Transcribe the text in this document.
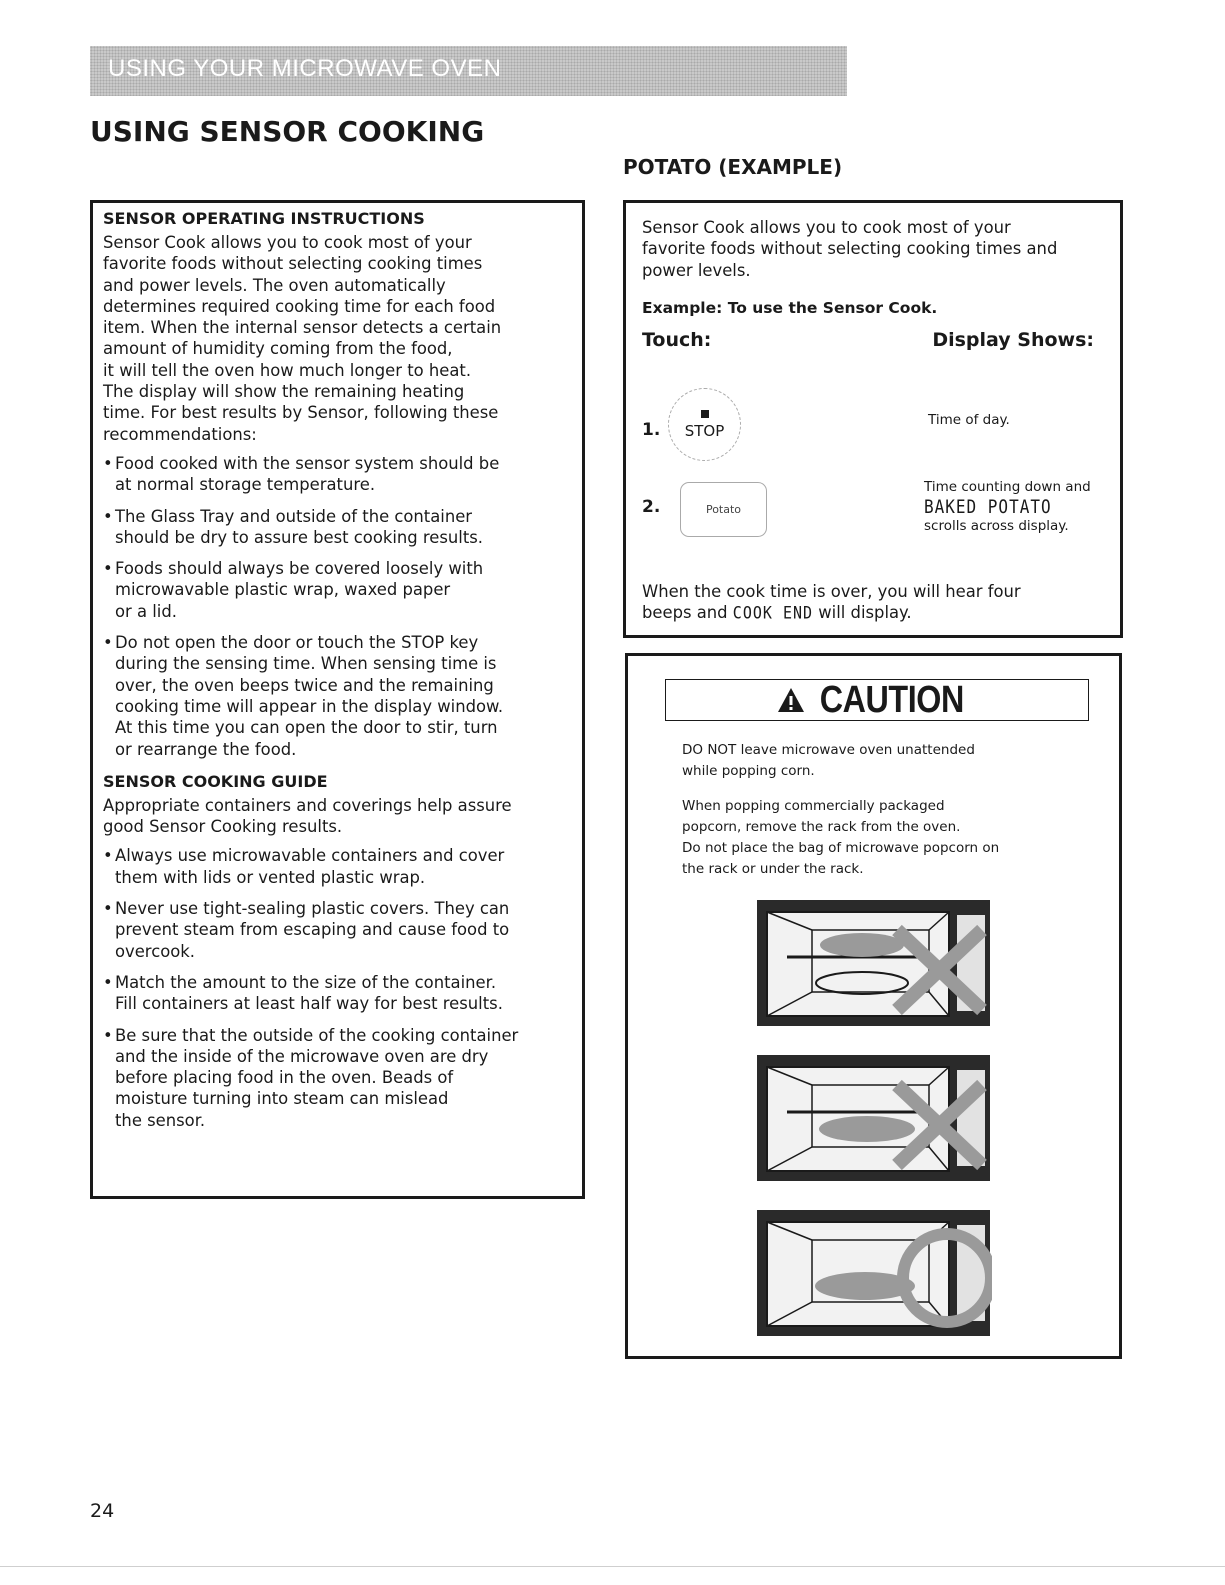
USING YOUR MICROWAVE OVEN
USING SENSOR COOKING
POTATO (EXAMPLE)
SENSOR OPERATING INSTRUCTIONS
Sensor Cook allows you to cook most of your
favorite foods without selecting cooking times
and power levels. The oven automatically
determines required cooking time for each food
item. When the internal sensor detects a certain
amount of humidity coming from the food,
it will tell the oven how much longer to heat.
The display will show the remaining heating
time. For best results by Sensor, following these
recommendations:
• Food cooked with the sensor system should be
at normal storage temperature.
• The Glass Tray and outside of the container
should be dry to assure best cooking results.
• Foods should always be covered loosely with
microwavable plastic wrap, waxed paper
or a lid.
• Do not open the door or touch the STOP key
during the sensing time. When sensing time is
over, the oven beeps twice and the remaining
cooking time will appear in the display window.
At this time you can open the door to stir, turn
or rearrange the food.
SENSOR COOKING GUIDE
Appropriate containers and coverings help assure
good Sensor Cooking results.
• Always use microwavable containers and cover
them with lids or vented plastic wrap.
• Never use tight-sealing plastic covers. They can
prevent steam from escaping and cause food to
overcook.
• Match the amount to the size of the container.
Fill containers at least half way for best results.
• Be sure that the outside of the cooking container
and the inside of the microwave oven are dry
before placing food in the oven. Beads of
moisture turning into steam can mislead
the sensor.
Sensor Cook allows you to cook most of your
favorite foods without selecting cooking times and
power levels.
Example: To use the Sensor Cook.
Touch:	Display Shows:
1. STOP
Time of day.
2.	Potato
Time counting down and
BAKED POTATO
scrolls across display.
When the cook time is over, you will hear four
beeps and COOK END will display.
CAUTION
DO NOT leave microwave oven unattended
while popping corn.
When popping commercially packaged
popcorn, remove the rack from the oven.
Do not place the bag of microwave popcorn on
the rack or under the rack.
24
